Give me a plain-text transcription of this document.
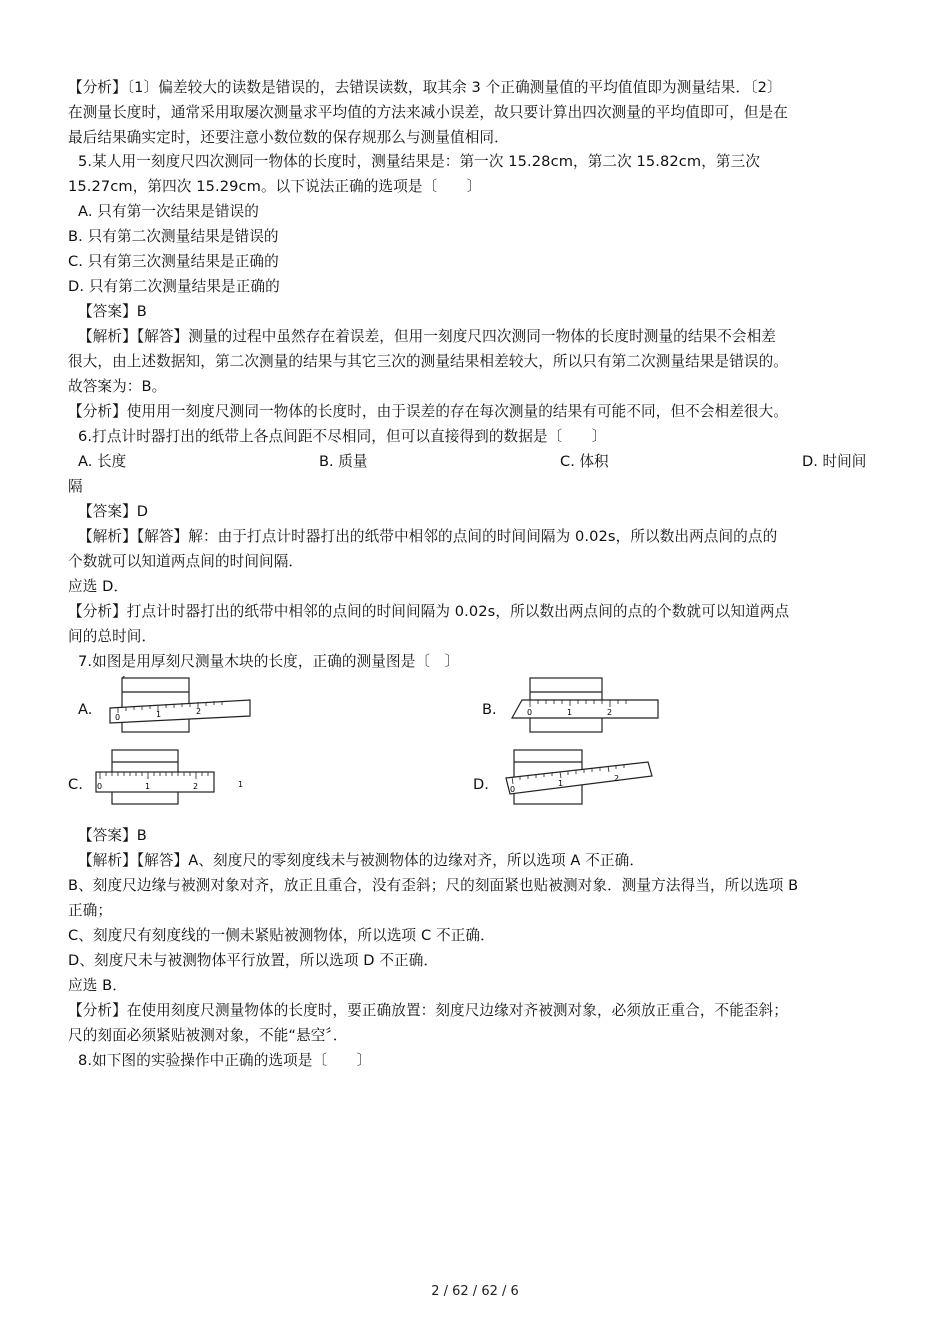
【分析】〔1〕偏差较大的读数是错误的，去错误读数，取其余 3 个正确测量值的平均值值即为测量结果．〔2〕
在测量长度时，通常采用取屡次测量求平均值的方法来减小误差，故只要计算出四次测量的平均值即可，但是在
最后结果确实定时，还要注意小数位数的保存规那么与测量值相同．
5.某人用一刻度尺四次测同一物体的长度时，测量结果是：第一次 15.28cm，第二次 15.82cm，第三次
15.27cm，第四次 15.29cm。以下说法正确的选项是〔　　〕
A. 只有第一次结果是错误的
B. 只有第二次测量结果是错误的
C. 只有第三次测量结果是正确的
D. 只有第二次测量结果是正确的
【答案】B
【解析】【解答】测量的过程中虽然存在着误差，但用一刻度尺四次测同一物体的长度时测量的结果不会相差
很大，由上述数据知，第二次测量的结果与其它三次的测量结果相差较大，所以只有第二次测量结果是错误的。
故答案为：B。
【分析】使用用一刻度尺测同一物体的长度时，由于误差的存在每次测量的结果有可能不同，但不会相差很大。
6.打点计时器打出的纸带上各点间距不尽相同，但可以直接得到的数据是〔　　〕
A. 长度	B. 质量	C. 体积	D. 时间间
隔
【答案】D
【解析】【解答】解：由于打点计时器打出的纸带中相邻的点间的时间间隔为 0.02s，所以数出两点间的点的
个数就可以知道两点间的时间间隔．
应选 D．
【分析】打点计时器打出的纸带中相邻的点间的时间间隔为 0.02s，所以数出两点间的点的个数就可以知道两点
间的总时间．
7.如图是用厚刻尺测量木块的长度，正确的测量图是〔　〕
A.	0	1	2	B.	0	1	2
C. 0	1	2	1	D.	0
1
2
【答案】B
【解析】【解答】A、刻度尺的零刻度线未与被测物体的边缘对齐，所以选项 A 不正确．
B、刻度尺边缘与被测对象对齐，放正且重合，没有歪斜；尺的刻面紧也贴被测对象．测量方法得当，所以选项 B
正确；
C、刻度尺有刻度线的一侧未紧贴被测物体，所以选项 C 不正确．
D、刻度尺未与被测物体平行放置，所以选项 D 不正确．
应选 B．
【分析】在使用刻度尺测量物体的长度时，要正确放置：刻度尺边缘对齐被测对象，必须放正重合，不能歪斜；
尺的刻面必须紧贴被测对象，不能“悬空〞．
8.如下图的实验操作中正确的选项是〔　　〕
2 / 62 / 62 / 6
